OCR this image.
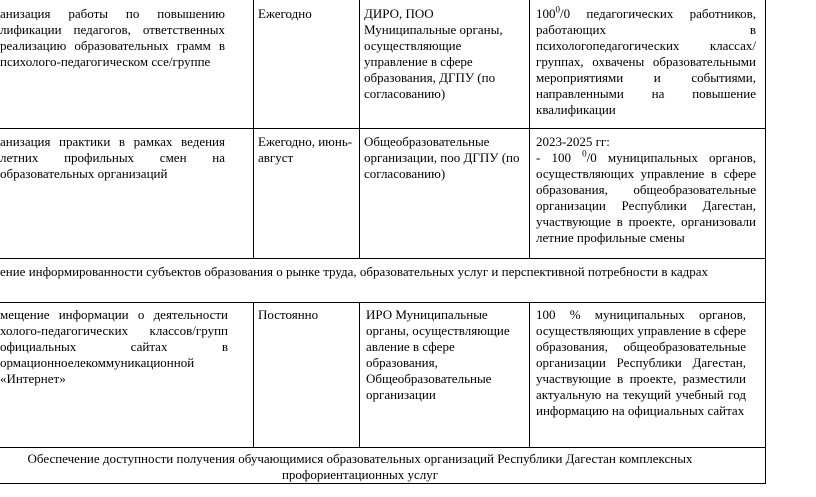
анизация работы по повышению лификации педагогов, ответственных реализацию образовательных грамм в психолого-педагогическом ссе/группе
Ежегодно	ДИРО, ПОО Муниципальные органы, осуществляющие управление в сфере образования, ДГПУ (по согласованию)
$100^0/0$ педагогических работников, работающих в психологопедагогических классах/группах, охвачены образовательными мероприятиями и событиями, направленными на повышение квалификации
анизация практики в рамках ведения летних профильных смен на образовательных организаций
Ежегодно, июнь-август
Общеобразовательные организации, поо ДГПУ (по согласованию)
2023-2025 гг:
- 100 $^0$/0 муниципальных органов, осуществляющих управление в сфере образования, общеобразовательные организации Республики Дагестан, участвующие в проекте, организовали летние профильные смены
ение информированности субъектов образования о рынке труда, образовательных услуг и перспективной потребности в кадрах
мещение информации о деятельности холого-педагогических классов/групп официальных сайтах в ормационноелекоммуникационной «Интернет»
Постоянно	ИРО Муниципальные органы, осуществляющие авление в сфере образования, Общеобразовательные организации
100 % муниципальных органов, осуществляющих управление в сфере образования, общеобразовательные организации Республики Дагестан, участвующие в проекте, разместили актуальную на текущий учебный год информацию на официальных сайтах
Обеспечение доступности получения обучающимися образовательных организаций Республики Дагестан комплексных
профориентационных услуг
